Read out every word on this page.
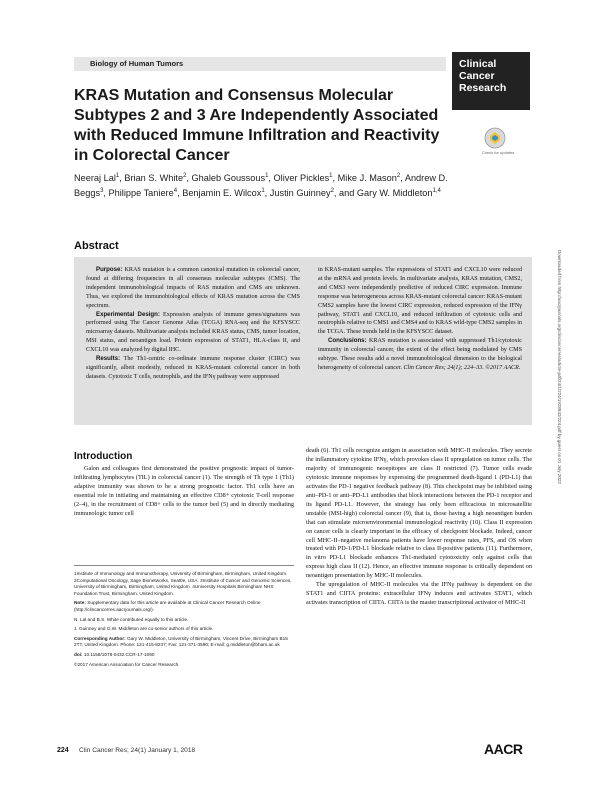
Biology of Human Tumors	Clinical
Cancer
Research
KRAS Mutation and Consensus Molecular Subtypes 2 and 3 Are Independently Associated with Reduced Immune Infiltration and Reactivity in Colorectal Cancer	Check for updates
Neeraj Lal$^1$, Brian S. White$^2$, Ghaleb Goussous$^1$, Oliver Pickles$^1$, Mike J. Mason$^2$, Andrew D. Beggs$^3$, Philippe Taniere$^4$, Benjamin E. Wilcox$^1$, Justin Guinney$^2$, and Gary W. Middleton$^{1,4}$
Abstract

Purpose: KRAS mutation is a common canonical mutation in colorectal cancer, found at differing frequencies in all consensus molecular subtypes (CMS). The independent immunobiological impacts of RAS mutation and CMS are unknown. Thus, we explored the immunobiological effects of KRAS mutation across the CMS spectrum.

Experimental Design: Expression analysis of immune genes/signatures was performed using The Cancer Genome Atlas (TCGA) RNA-seq and the KFSYSCC microarray datasets. Multivariate analysis included KRAS status, CMS, tumor location, MSI status, and neoantigen load. Protein expression of STAT1, HLA-class II, and CXCL10 was analyzed by digital IHC.

Results: The Th1-centric co-ordinate immune response cluster (CIRC) was significantly, albeit modestly, reduced in KRAS-mutant colorectal cancer in both datasets. Cytotoxic T cells, neutrophils, and the IFNγ pathway were suppressed

in KRAS-mutant samples. The expressions of STAT1 and CXCL10 were reduced at the mRNA and protein levels. In multivariate analysis, KRAS mutation, CMS2, and CMS3 were independently predictive of reduced CIRC expression. Immune response was heterogeneous across KRAS-mutant colorectal cancer: KRAS-mutant CMS2 samples have the lowest CIRC expression, reduced expression of the IFNγ pathway, STAT1 and CXCL10, and reduced infiltration of cytotoxic cells and neutrophils relative to CMS1 and CMS4 and to KRAS wild-type CMS2 samples in the TCGA. These trends held in the KFSYSCC dataset.

Conclusions: KRAS mutation is associated with suppressed Th1/cytotoxic immunity in colorectal cancer, the extent of the effect being modulated by CMS subtype. These results add a novel immunobiological dimension to the biological heterogeneity of colorectal cancer. Clin Cancer Res; 24(1); 224–33. ©2017 AACR.

Introduction

Galon and colleagues first demonstrated the positive prognostic impact of tumor-infiltrating lymphocytes (TIL) in colorectal cancer (1). The strength of Th type 1 (Th1) adaptive immunity was shown to be a strong prognostic factor. Th1 cells have an essential role in initiating and maintaining an effective CD8+ cytotoxic T-cell response (2–4), in the recruitment of CD8+ cells to the tumor bed (5) and in directly mediating immunologic tumor cell

death (6). Th1 cells recognize antigen in association with MHC-II molecules. They secrete the inflammatory cytokine IFNγ, which provokes class II upregulation on tumor cells. The majority of immunogenic neoepitopes are class II restricted (7). Tumor cells evade cytotoxic immune responses by expressing the programmed death-ligand 1 (PD-L1) that activates the PD-1 negative feedback pathway (8). This checkpoint may be inhibited using anti–PD-1 or anti–PD-L1 antibodies that block interactions between the PD-1 receptor and its ligand PD-L1. However, the strategy has only been efficacious in microsatellite unstable (MSI-high) colorectal cancer (9), that is, those having a high neoantigen burden that can stimulate microenvironmental immunological reactivity (10). Class II expression on cancer cells is clearly important in the efficacy of checkpoint blockade. Indeed, cancer cell MHC-II–negative melanoma patients have lower response rates, PFS, and OS when treated with PD-1/PD-L1 blockade relative to class II-positive patients (11). Furthermore, in vitro PD-L1 blockade enhances Th1-mediated cytotoxicity only against cells that express high class II (12). Hence, an effective immune response is critically dependent on neoantigen presentation by MHC-II molecules.

The upregulation of MHC-II molecules via the IFNγ pathway is dependent on the STAT1 and CIITA proteins: extracellular IFNγ induces and activates STAT1, which activates transcription of CIITA. CIITA is the master transcriptional activator of MHC-II

1Institute of Immunology and Immunotherapy, University of Birmingham, Birmingham, United Kingdom. 2Computational Oncology, Sage Bionetworks, Seattle, USA. 3Institute of Cancer and Genomic Sciences, University of Birmingham, Birmingham, United Kingdom. 4University Hospitals Birmingham NHS Foundation Trust, Birmingham, United Kingdom.

Note: Supplementary data for this article are available at Clinical Cancer Research Online (http://clincancerres.aacrjournals.org/).

N. Lal and B.S. White contributed equally to this article.

J. Guinney and G.W. Middleton are co-senior authors of this article.

Corresponding Author: Gary W. Middleton, University of Birmingham, Vincent Drive, Birmingham B15 2TT, United Kingdom. Phone: 121-415-8237; Fax: 121-371-3590; E-mail: g.middleton@bham.ac.uk

doi: 10.1158/1078-0432.CCR-17-1090

©2017 American Association for Cancer Research.

Downloaded from http://aacrjournals.org/clincancerres/article-pdf/24/1/224/1928842/224.pdf by guest on 01 July 2022
224 Clin Cancer Res; 24(1) January 1, 2018	AACR
